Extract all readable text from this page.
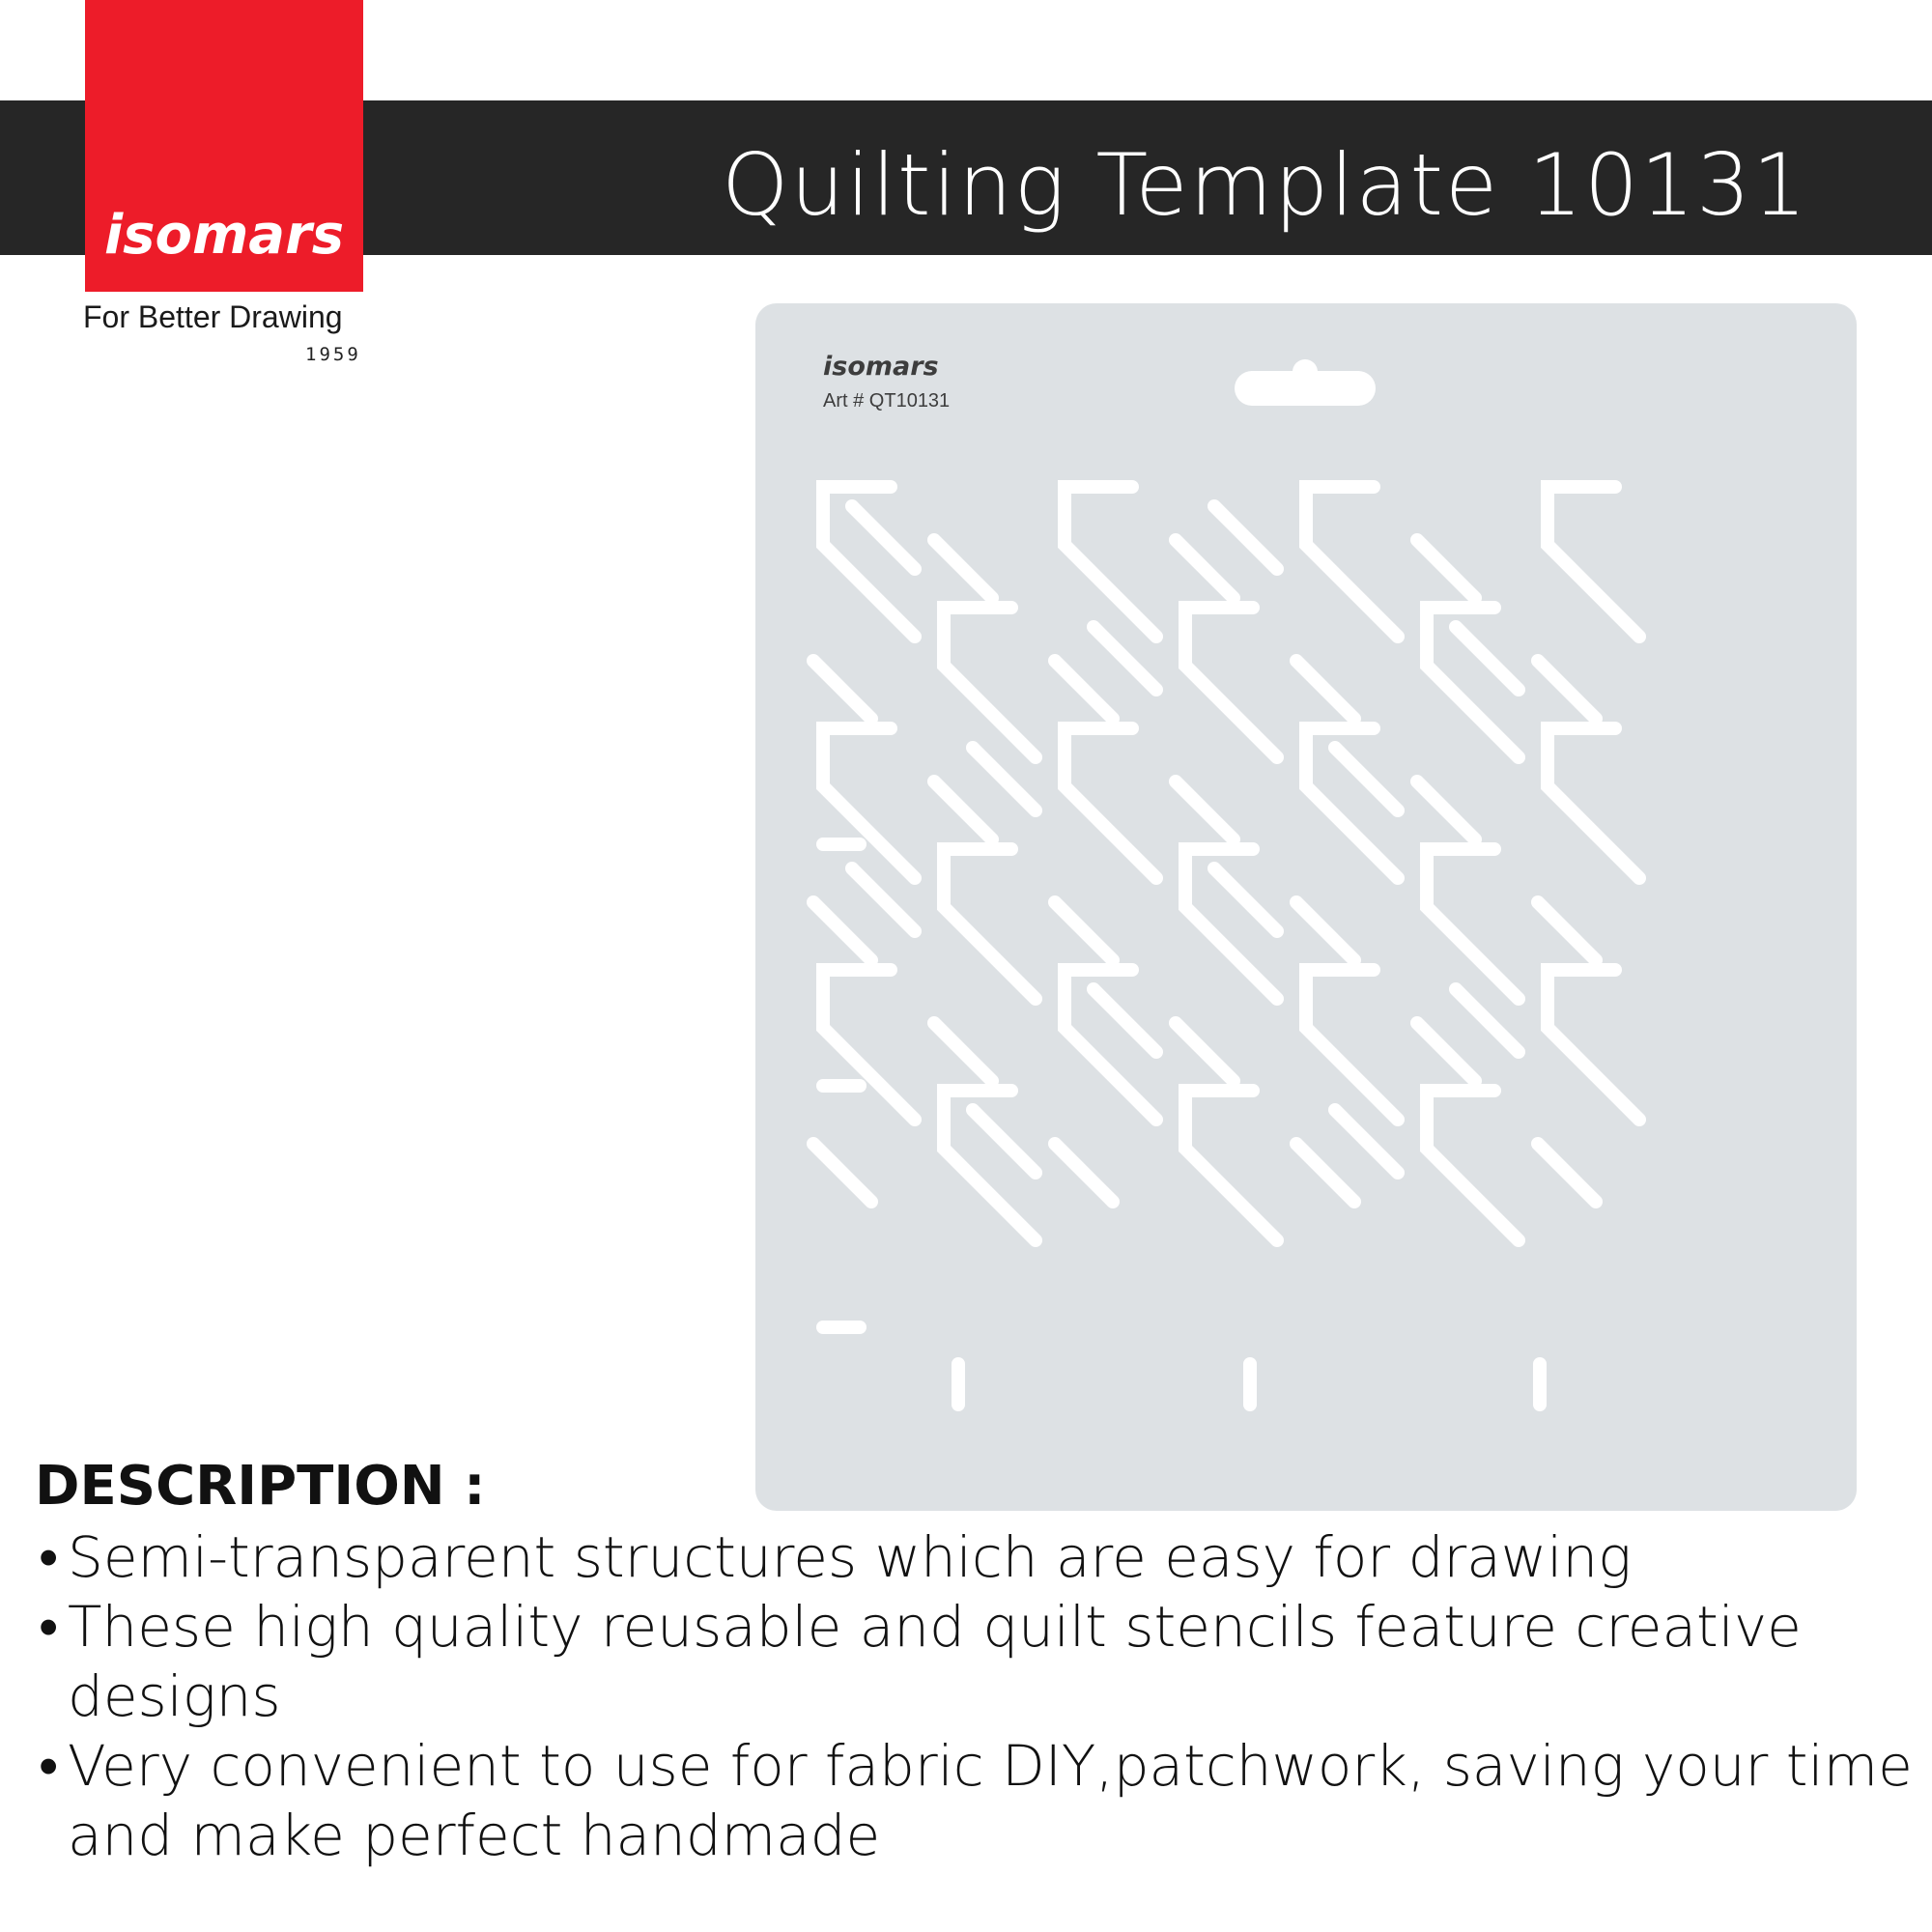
Quilting Template 10131
isomars
For Better Drawing
1959	isomars
Art # QT10131
DESCRIPTION :

• Semi-transparent structures which are easy for drawing

• These high quality reusable and quilt stencils feature creative designs

• Very convenient to use for fabric DIY,patchwork, saving your time and make perfect handmade
